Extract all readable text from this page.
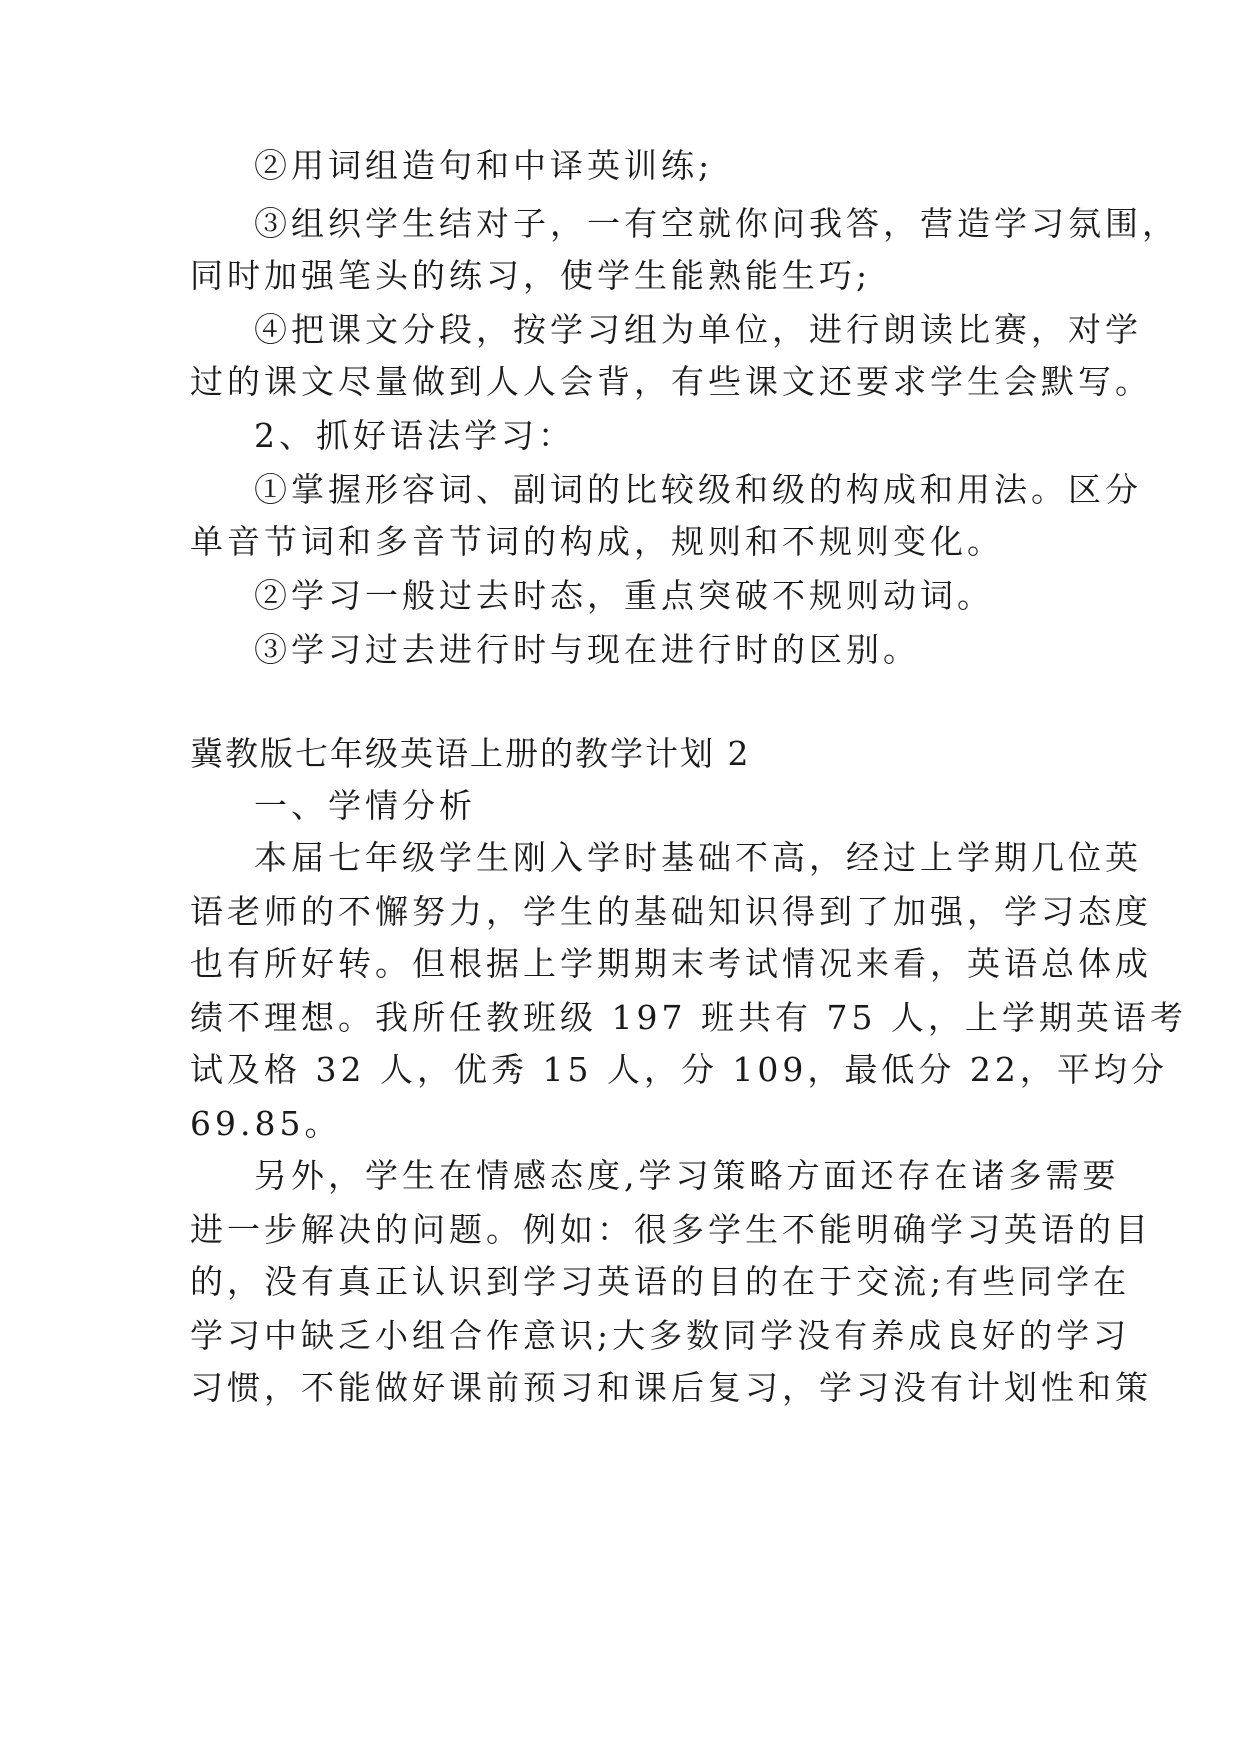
②用词组造句和中译英训练;
③组织学生结对子，一有空就你问我答，营造学习氛围，
同时加强笔头的练习，使学生能熟能生巧;
④把课文分段，按学习组为单位，进行朗读比赛，对学
过的课文尽量做到人人会背，有些课文还要求学生会默写。
2、抓好语法学习：
①掌握形容词、副词的比较级和级的构成和用法。区分
单音节词和多音节词的构成，规则和不规则变化。
②学习一般过去时态，重点突破不规则动词。
③学习过去进行时与现在进行时的区别。
冀教版七年级英语上册的教学计划 2
一、学情分析
本届七年级学生刚入学时基础不高，经过上学期几位英
语老师的不懈努力，学生的基础知识得到了加强，学习态度
也有所好转。但根据上学期期末考试情况来看，英语总体成
绩不理想。我所任教班级 197 班共有 75 人，上学期英语考
试及格 32 人，优秀 15 人，分 109，最低分 22，平均分
69.85。
另外，学生在情感态度,学习策略方面还存在诸多需要
进一步解决的问题。例如：很多学生不能明确学习英语的目
的，没有真正认识到学习英语的目的在于交流;有些同学在
学习中缺乏小组合作意识;大多数同学没有养成良好的学习
习惯，不能做好课前预习和课后复习，学习没有计划性和策
